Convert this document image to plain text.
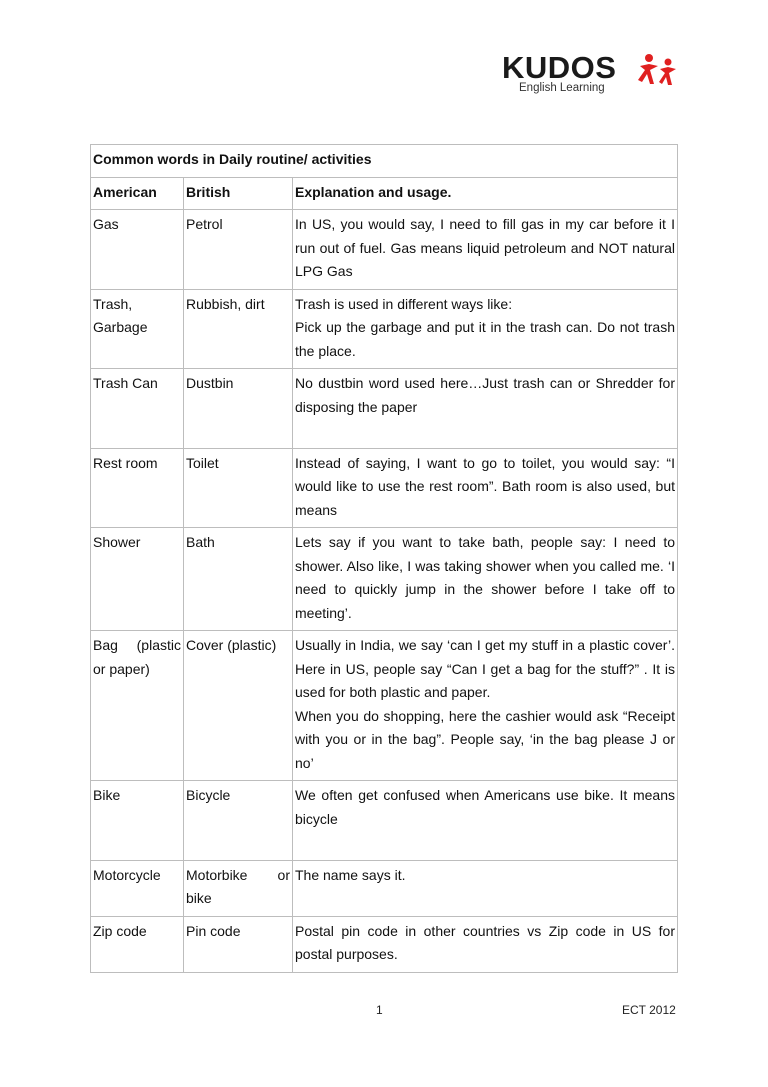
KUDOS
English Learning
Common words in Daily routine/ activities		
American	British	Explanation and usage.
Gas	Petrol	In US, you would say, I need to fill gas in my car before it I run out of fuel. Gas means liquid petroleum and NOT natural LPG Gas

Trash, Garbage	Rubbish, dirt	Trash is used in different ways like:
Pick up the garbage and put it in the trash can. Do not trash the place.

Trash Can	Dustbin	No dustbin word used here…Just trash can or Shredder for disposing the paper

Rest room	Toilet	Instead of saying, I want to go to toilet, you would say: “I would like to use the rest room”. Bath room is also used, but means

Shower	Bath	Lets say if you want to take bath, people say: I need to shower. Also like, I was taking shower when you called me. ‘I need to quickly jump in the shower before I take off to meeting’.

Bag (plastic or paper)	Cover (plastic)	Usually in India, we say ‘can I get my stuff in a plastic cover’. Here in US, people say “Can I get a bag for the stuff?” . It is used for both plastic and paper.
When you do shopping, here the cashier would ask “Receipt with you or in the bag”. People say, ‘in the bag please J or no’

Bike	Bicycle	We often get confused when Americans use bike. It means bicycle

Motorcycle	Motorbike or bike	The name says it.

Zip code	Pin code	Postal pin code in other countries vs Zip code in US for postal purposes.
1	ECT 2012
